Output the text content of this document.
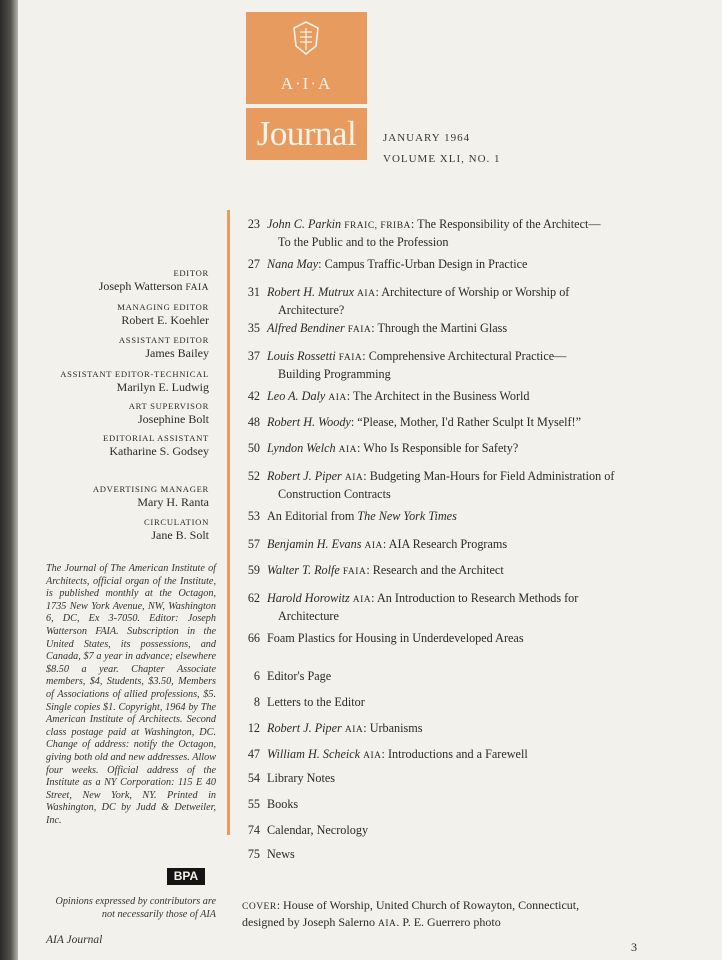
A·I·A
Journal	JANUARY 1964
VOLUME XLI, NO. 1
EDITOR
Joseph Watterson FAIA
MANAGING EDITOR
Robert E. Koehler
ASSISTANT EDITOR
James Bailey
ASSISTANT EDITOR-TECHNICAL
Marilyn E. Ludwig
ART SUPERVISOR
Josephine Bolt
EDITORIAL ASSISTANT
Katharine S. Godsey
ADVERTISING MANAGER
Mary H. Ranta
CIRCULATION
Jane B. Solt
The Journal of The American Institute of Architects, official organ of the Institute, is published monthly at the Octagon, 1735 New York Avenue, NW, Washington 6, DC, Ex 3-7050. Editor: Joseph Watterson FAIA. Subscription in the United States, its possessions, and Canada, $7 a year in advance; elsewhere $8.50 a year. Chapter Associate members, $4, Students, $3.50, Members of Associations of allied professions, $5. Single copies $1. Copyright, 1964 by The American Institute of Architects. Second class postage paid at Washington, DC. Change of address: notify the Octagon, giving both old and new addresses. Allow four weeks. Official address of the Institute as a NY Corporation: 115 E 40 Street, New York, NY. Printed in Washington, DC by Judd & Detweiler, Inc.
BPA
Opinions expressed by contributors are not necessarily those of AIA
AIA Journal
23 John C. Parkin FRAIC, FRIBA: The Responsibility of the Architect—
To the Public and to the Profession
27 Nana May: Campus Traffic-Urban Design in Practice
31 Robert H. Mutrux AIA: Architecture of Worship or Worship of
Architecture?
35 Alfred Bendiner FAIA: Through the Martini Glass
37 Louis Rossetti FAIA: Comprehensive Architectural Practice—
Building Programming
42 Leo A. Daly AIA: The Architect in the Business World
48 Robert H. Woody: “Please, Mother, I'd Rather Sculpt It Myself!”
50 Lyndon Welch AIA: Who Is Responsible for Safety?
52 Robert J. Piper AIA: Budgeting Man-Hours for Field Administration of
Construction Contracts
53 An Editorial from The New York Times
57 Benjamin H. Evans AIA: AIA Research Programs
59 Walter T. Rolfe FAIA: Research and the Architect
62 Harold Horowitz AIA: An Introduction to Research Methods for
Architecture
66 Foam Plastics for Housing in Underdeveloped Areas
6 Editor's Page
8 Letters to the Editor
12 Robert J. Piper AIA: Urbanisms
47 William H. Scheick AIA: Introductions and a Farewell
54 Library Notes
55 Books
74 Calendar, Necrology
75 News
COVER: House of Worship, United Church of Rowayton, Connecticut,
designed by Joseph Salerno AIA. P. E. Guerrero photo
3
